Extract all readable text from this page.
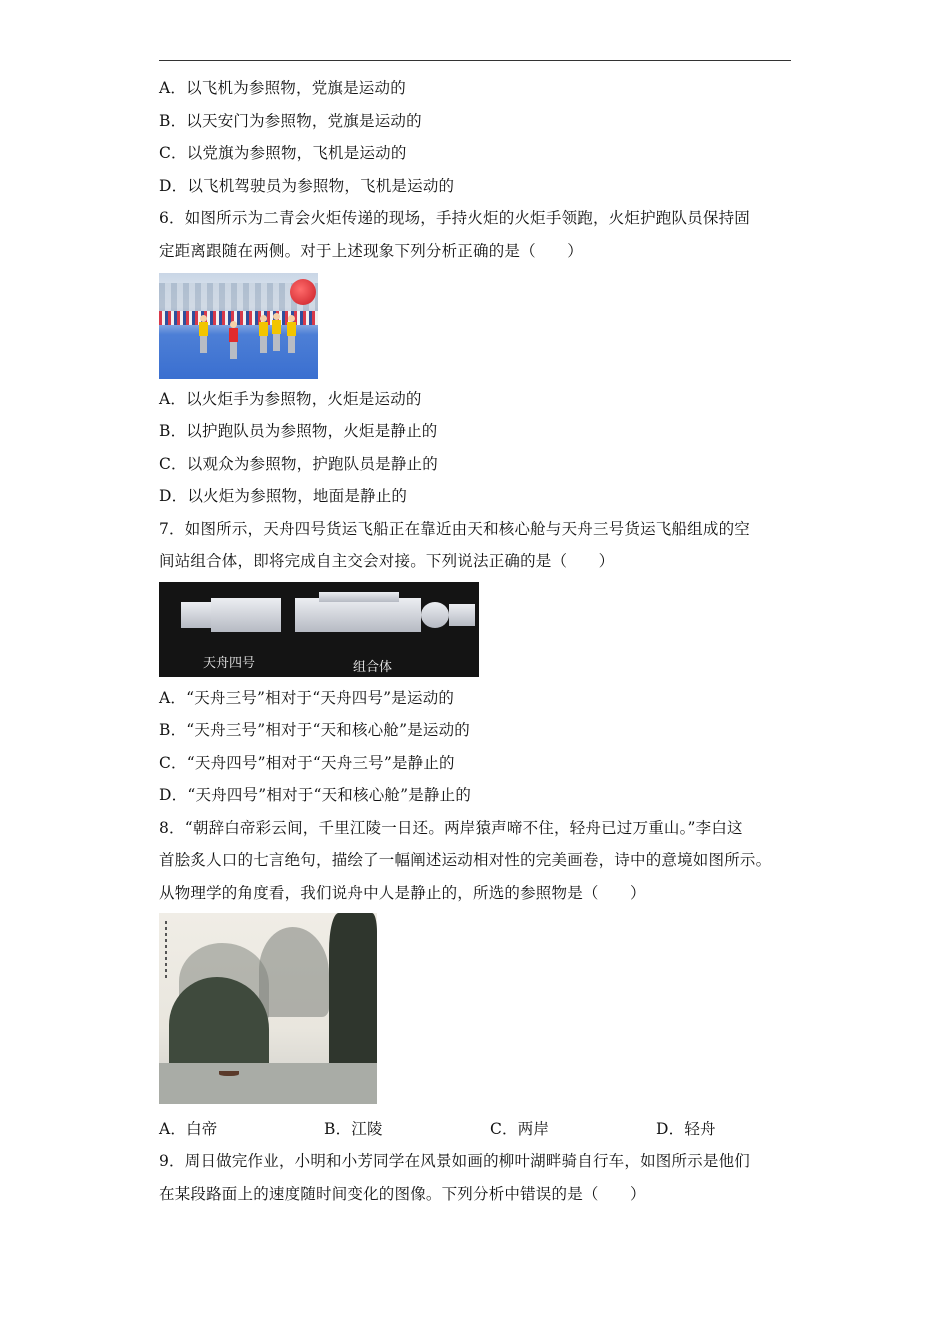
A．以飞机为参照物，党旗是运动的
B．以天安门为参照物，党旗是运动的
C．以党旗为参照物，飞机是运动的
D．以飞机驾驶员为参照物，飞机是运动的
6．如图所示为二青会火炬传递的现场，手持火炬的火炬手领跑，火炬护跑队员保持固
定距离跟随在两侧。对于上述现象下列分析正确的是（　　）
A．以火炬手为参照物，火炬是运动的
B．以护跑队员为参照物，火炬是静止的
C．以观众为参照物，护跑队员是静止的
D．以火炬为参照物，地面是静止的
7．如图所示，天舟四号货运飞船正在靠近由天和核心舱与天舟三号货运飞船组成的空
间站组合体，即将完成自主交会对接。下列说法正确的是（　　）
天舟四号	组合体
A．“天舟三号”相对于“天舟四号”是运动的
B．“天舟三号”相对于“天和核心舱”是运动的
C．“天舟四号”相对于“天舟三号”是静止的
D．“天舟四号”相对于“天和核心舱”是静止的
8．“朝辞白帝彩云间，千里江陵一日还。两岸猿声啼不住，轻舟已过万重山。”李白这
首脍炙人口的七言绝句，描绘了一幅阐述运动相对性的完美画卷，诗中的意境如图所示。
从物理学的角度看，我们说舟中人是静止的，所选的参照物是（　　）
A．白帝	B．江陵	C．两岸	D．轻舟
9．周日做完作业，小明和小芳同学在风景如画的柳叶湖畔骑自行车，如图所示是他们
在某段路面上的速度随时间变化的图像。下列分析中错误的是（　　）
